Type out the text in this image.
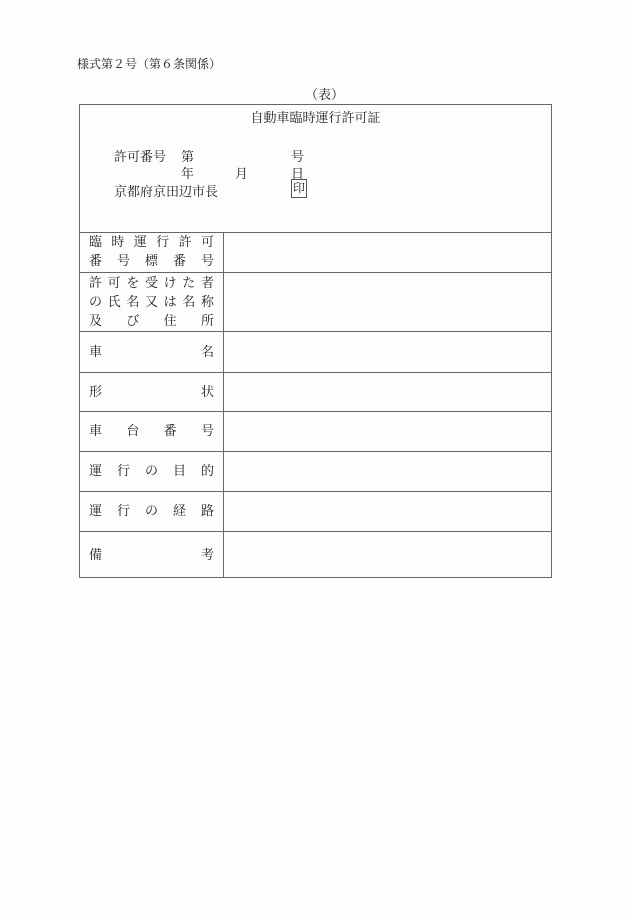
様式第２号（第６条関係）
（表）
自動車臨時運行許可証
許可番号 第	号
年	月	日
京都府京田辺市長	印
臨 時 運 行 許 可
番 号 標 番 号
許 可 を 受 け た 者
の 氏 名 又 は 名 称
及 び 住 所
車	名
形	状
車 台 番 号
運 行 の 目 的
運 行 の 経 路
備	考
